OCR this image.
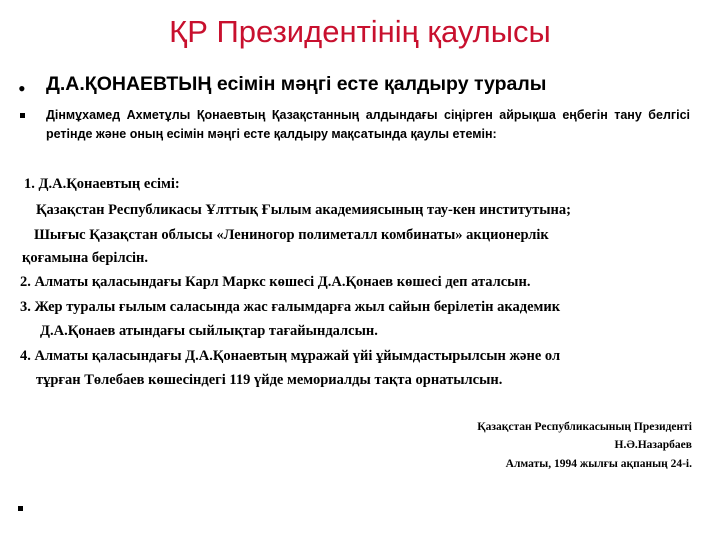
ҚР Президентінің қаулысы
• Д.А.ҚОНАЕВТЫҢ есімін мәңгі есте қалдыру туралы
Дінмұхамед Ахметұлы Қонаевтың Қазақстанның алдындағы сіңірген айрықша еңбегін тану белгісі ретінде және оның есімін мәңгі есте қалдыру мақсатында қаулы етемін:
1. Д.А.Қонаевтың есімі:
Қазақстан Республикасы Ұлттық Ғылым академиясының тау-кен институтына;
Шығыс Қазақстан облысы «Лениногор полиметалл комбинаты» акционерлік
қоғамына берілсін.
2. Алматы қаласындағы Карл Маркс көшесі Д.А.Қонаев көшесі деп аталсын.
3. Жер туралы ғылым саласында жас ғалымдарға жыл сайын берілетін академик
Д.А.Қонаев атындағы сыйлықтар тағайындалсын.
4. Алматы қаласындағы Д.А.Қонаевтың мұражай үйі ұйымдастырылсын және ол
тұрған Төлебаев көшесіндегі 119 үйде мемориалды тақта орнатылсын.
Қазақстан Республикасының Президенті
Н.Ә.Назарбаев
Алматы, 1994 жылғы ақпаның 24-і.
